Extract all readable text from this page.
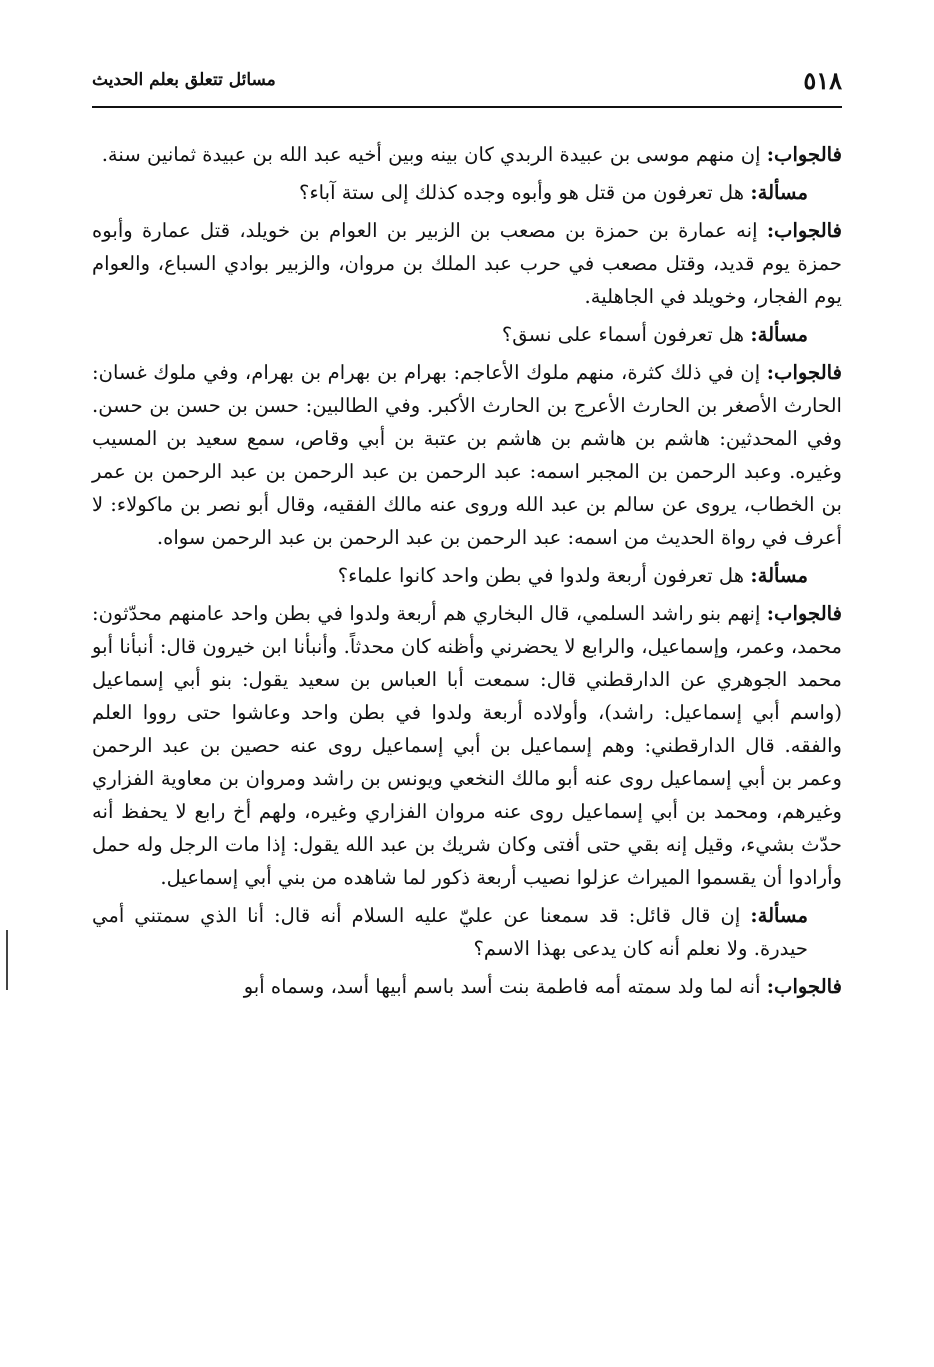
٥١٨
مسائل تتعلق بعلم الحديث

فالجواب: إن منهم موسى بن عبيدة الربدي كان بينه وبين أخيه عبد الله بن عبيدة ثمانين سنة.

مسألة: هل تعرفون من قتل هو وأبوه وجده كذلك إلى ستة آباء؟

فالجواب: إنه عمارة بن حمزة بن مصعب بن الزبير بن العوام بن خويلد، قتل عمارة وأبوه حمزة يوم قديد، وقتل مصعب في حرب عبد الملك بن مروان، والزبير بوادي السباع، والعوام يوم الفجار، وخويلد في الجاهلية.

مسألة: هل تعرفون أسماء على نسق؟

فالجواب: إن في ذلك كثرة، منهم ملوك الأعاجم: بهرام بن بهرام بن بهرام، وفي ملوك غسان: الحارث الأصغر بن الحارث الأعرج بن الحارث الأكبر. وفي الطالبين: حسن بن حسن بن حسن. وفي المحدثين: هاشم بن هاشم بن هاشم بن عتبة بن أبي وقاص، سمع سعيد بن المسيب وغيره. وعبد الرحمن بن المجبر اسمه: عبد الرحمن بن عبد الرحمن بن عبد الرحمن بن عمر بن الخطاب، يروى عن سالم بن عبد الله وروى عنه مالك الفقيه، وقال أبو نصر بن ماكولاء: لا أعرف في رواة الحديث من اسمه: عبد الرحمن بن عبد الرحمن بن عبد الرحمن سواه.

مسألة: هل تعرفون أربعة ولدوا في بطن واحد كانوا علماء؟

فالجواب: إنهم بنو راشد السلمي، قال البخاري هم أربعة ولدوا في بطن واحد عامنهم محدّثون: محمد، وعمر، وإسماعيل، والرابع لا يحضرني وأظنه كان محدثاً. وأنبأنا ابن خيرون قال: أنبأنا أبو محمد الجوهري عن الدارقطني قال: سمعت أبا العباس بن سعيد يقول: بنو أبي إسماعيل (واسم أبي إسماعيل: راشد)، وأولاده أربعة ولدوا في بطن واحد وعاشوا حتى رووا العلم والفقه. قال الدارقطني: وهم إسماعيل بن أبي إسماعيل روى عنه حصين بن عبد الرحمن وعمر بن أبي إسماعيل روى عنه أبو مالك النخعي ويونس بن راشد ومروان بن معاوية الفزاري وغيرهم، ومحمد بن أبي إسماعيل روى عنه مروان الفزاري وغيره، ولهم أخ رابع لا يحفظ أنه حدّث بشيء، وقيل إنه بقي حتى أفتى وكان شريك بن عبد الله يقول: إذا مات الرجل وله حمل وأرادوا أن يقسموا الميراث عزلوا نصيب أربعة ذكور لما شاهده من بني أبي إسماعيل.

مسألة: إن قال قائل: قد سمعنا عن عليّ عليه السلام أنه قال: أنا الذي سمتني أمي حيدرة. ولا نعلم أنه كان يدعى بهذا الاسم؟

فالجواب: أنه لما ولد سمته أمه فاطمة بنت أسد باسم أبيها أسد، وسماه أبو
